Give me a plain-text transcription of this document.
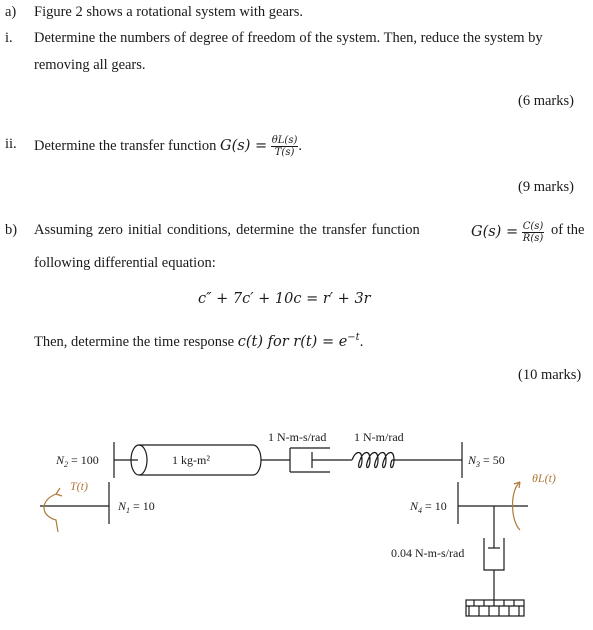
a) Figure 2 shows a rotational system with gears.
i. Determine the numbers of degree of freedom of the system. Then, reduce the system by
removing all gears.
(6 marks)
ii. Determine the transfer function $G(s) = \frac{\theta L(s)}{T(s)}$ .
(9 marks)
b) Assuming zero initial conditions, determine the transfer function	$G(s) = \frac{C(s)}{R(s)}$ of the
following differential equation:
c″ + 7c′ + 10c = r′ + 3r
Then, determine the time response c(t) for $r(t) = e^{-t}$.
(10 marks)
$N_2 = 100$
T(t)
$N_1 = 10$
1 kg-m²
1 N-m-s/rad 1 N-m/rad
$N_3 = 50$
θL(t)
$N_4 = 10$
0.04 N-m-s/rad
